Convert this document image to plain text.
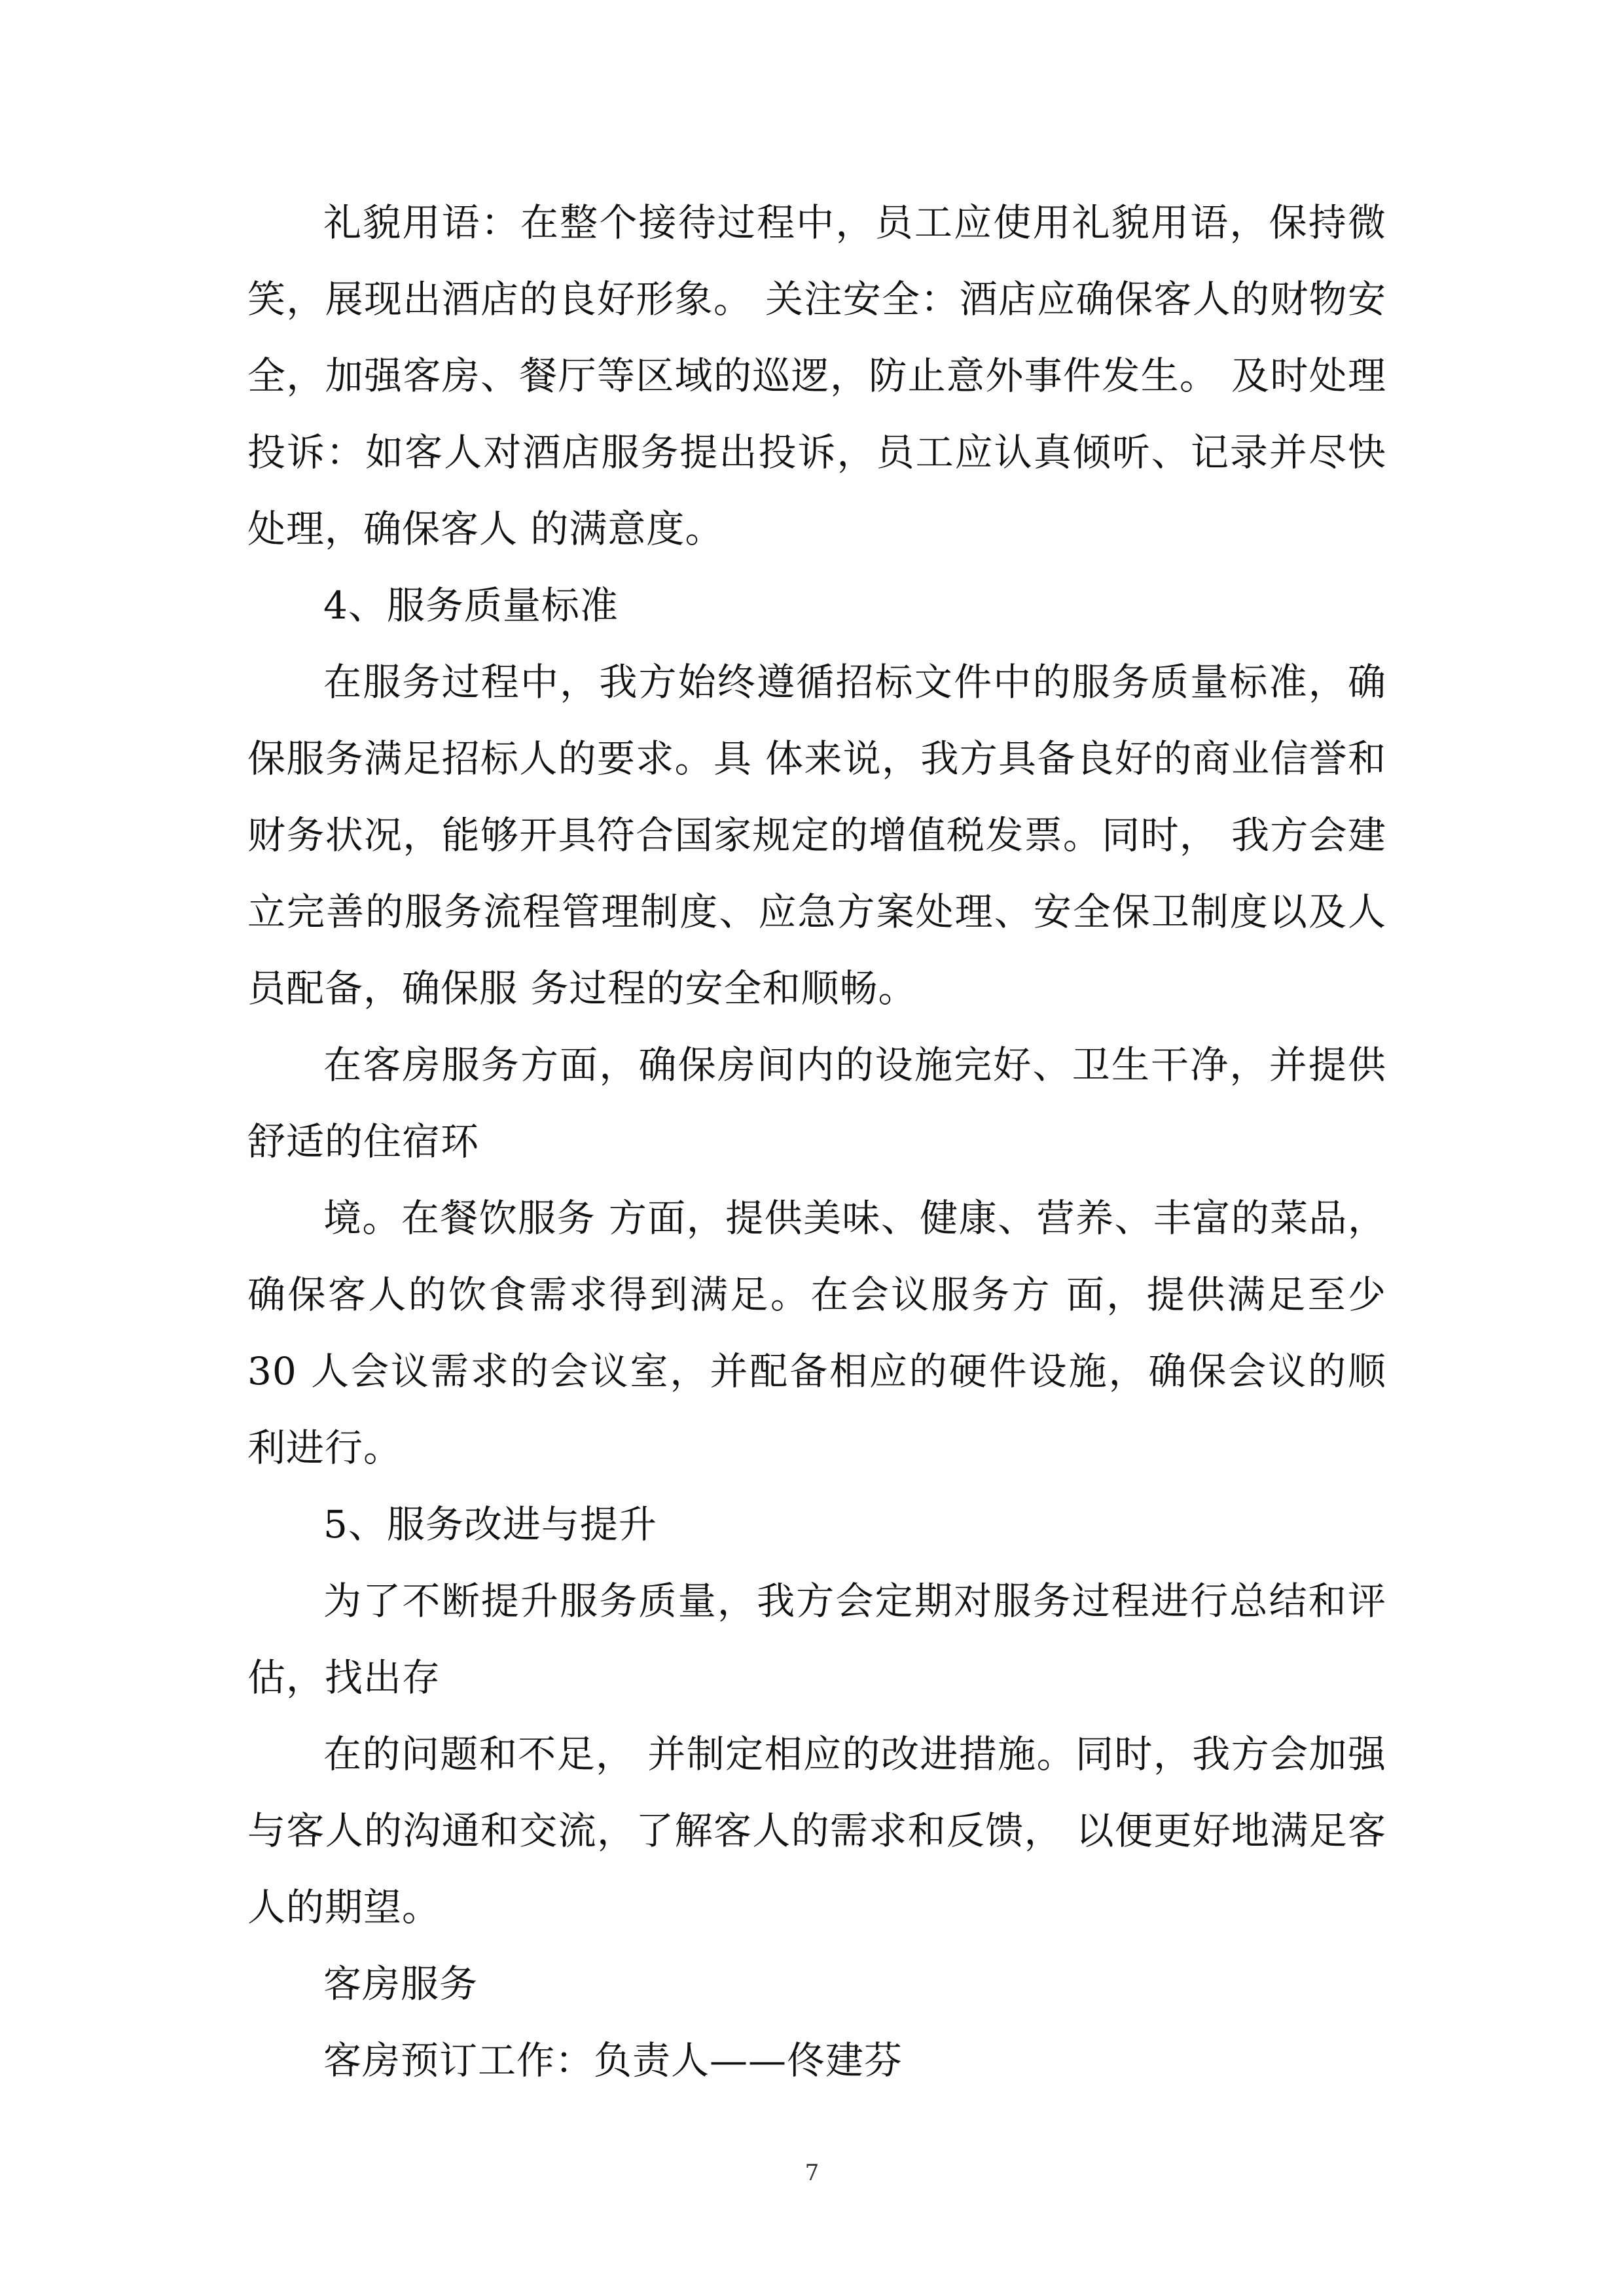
礼貌用语：在整个接待过程中，员工应使用礼貌用语，保持微笑，展现出酒店的良好形象。 关注安全：酒店应确保客人的财物安全，加强客房、餐厅等区域的巡逻，防止意外事件发生。 及时处理投诉：如客人对酒店服务提出投诉，员工应认真倾听、记录并尽快处理，确保客人 的满意度。

4、服务质量标准

在服务过程中，我方始终遵循招标文件中的服务质量标准，确保服务满足招标人的要求。具 体来说，我方具备良好的商业信誉和财务状况，能够开具符合国家规定的增值税发票。同时， 我方会建立完善的服务流程管理制度、应急方案处理、安全保卫制度以及人员配备，确保服 务过程的安全和顺畅。

在客房服务方面，确保房间内的设施完好、卫生干净，并提供舒适的住宿环

境。在餐饮服务 方面，提供美味、健康、营养、丰富的菜品，确保客人的饮食需求得到满足。在会议服务方 面，提供满足至少 30 人会议需求的会议室，并配备相应的硬件设施，确保会议的顺利进行。

5、服务改进与提升

为了不断提升服务质量，我方会定期对服务过程进行总结和评估，找出存

在的问题和不足， 并制定相应的改进措施。同时，我方会加强与客人的沟通和交流，了解客人的需求和反馈， 以便更好地满足客人的期望。

客房服务

客房预订工作：负责人——佟建芬

7
